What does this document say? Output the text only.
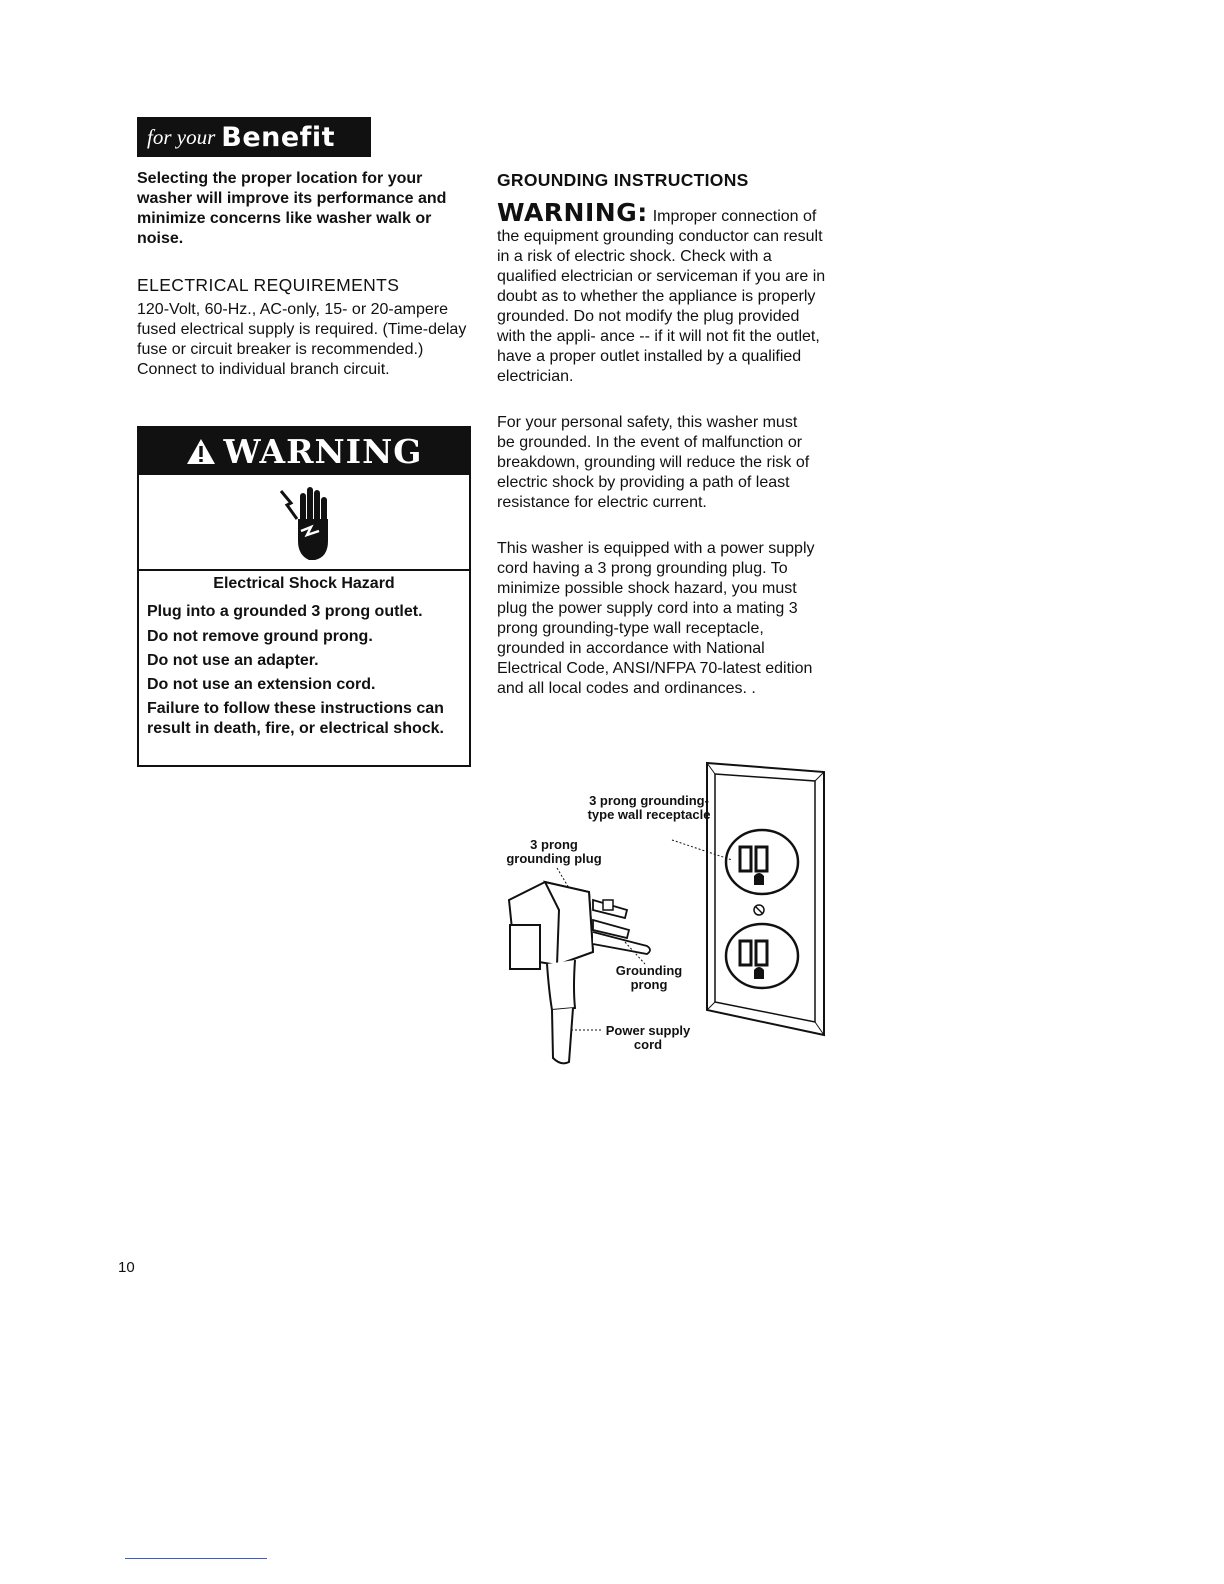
for your Benefit
Selecting the proper location for your washer will improve its performance and minimize concerns like washer walk or noise.
ELECTRICAL REQUIREMENTS
120-Volt, 60-Hz., AC-only, 15- or 20-ampere fused electrical supply is required. (Time-delay fuse or circuit breaker is recommended.) Connect to individual branch circuit.
WARNING
Electrical Shock Hazard
Plug into a grounded 3 prong outlet.
Do not remove ground prong.
Do not use an adapter.
Do not use an extension cord.
Failure to follow these instructions can result in death, fire, or electrical shock.
GROUNDING INSTRUCTIONS
WARNING: Improper connection of the equipment grounding conductor can result in a risk of electric shock. Check with a qualified electrician or serviceman if you are in doubt as to whether the appliance is properly grounded. Do not modify the plug provided with the appli- ance -- if it will not fit the outlet, have a proper outlet installed by a qualified electrician.
For your personal safety, this washer must be grounded. In the event of malfunction or breakdown, grounding will reduce the risk of electric shock by providing a path of least resistance for electric current.
This washer is equipped with a power supply cord having a 3 prong grounding plug. To minimize possible shock hazard, you must plug the power supply cord into a mating 3 prong grounding-type wall receptacle, grounded in accordance with National Electrical Code, ANSI/NFPA 70-latest edition and all local codes and ordinances. .
3 prong grounding-type wall receptacle
3 prong grounding plug
Grounding prong
Power supply cord
10
